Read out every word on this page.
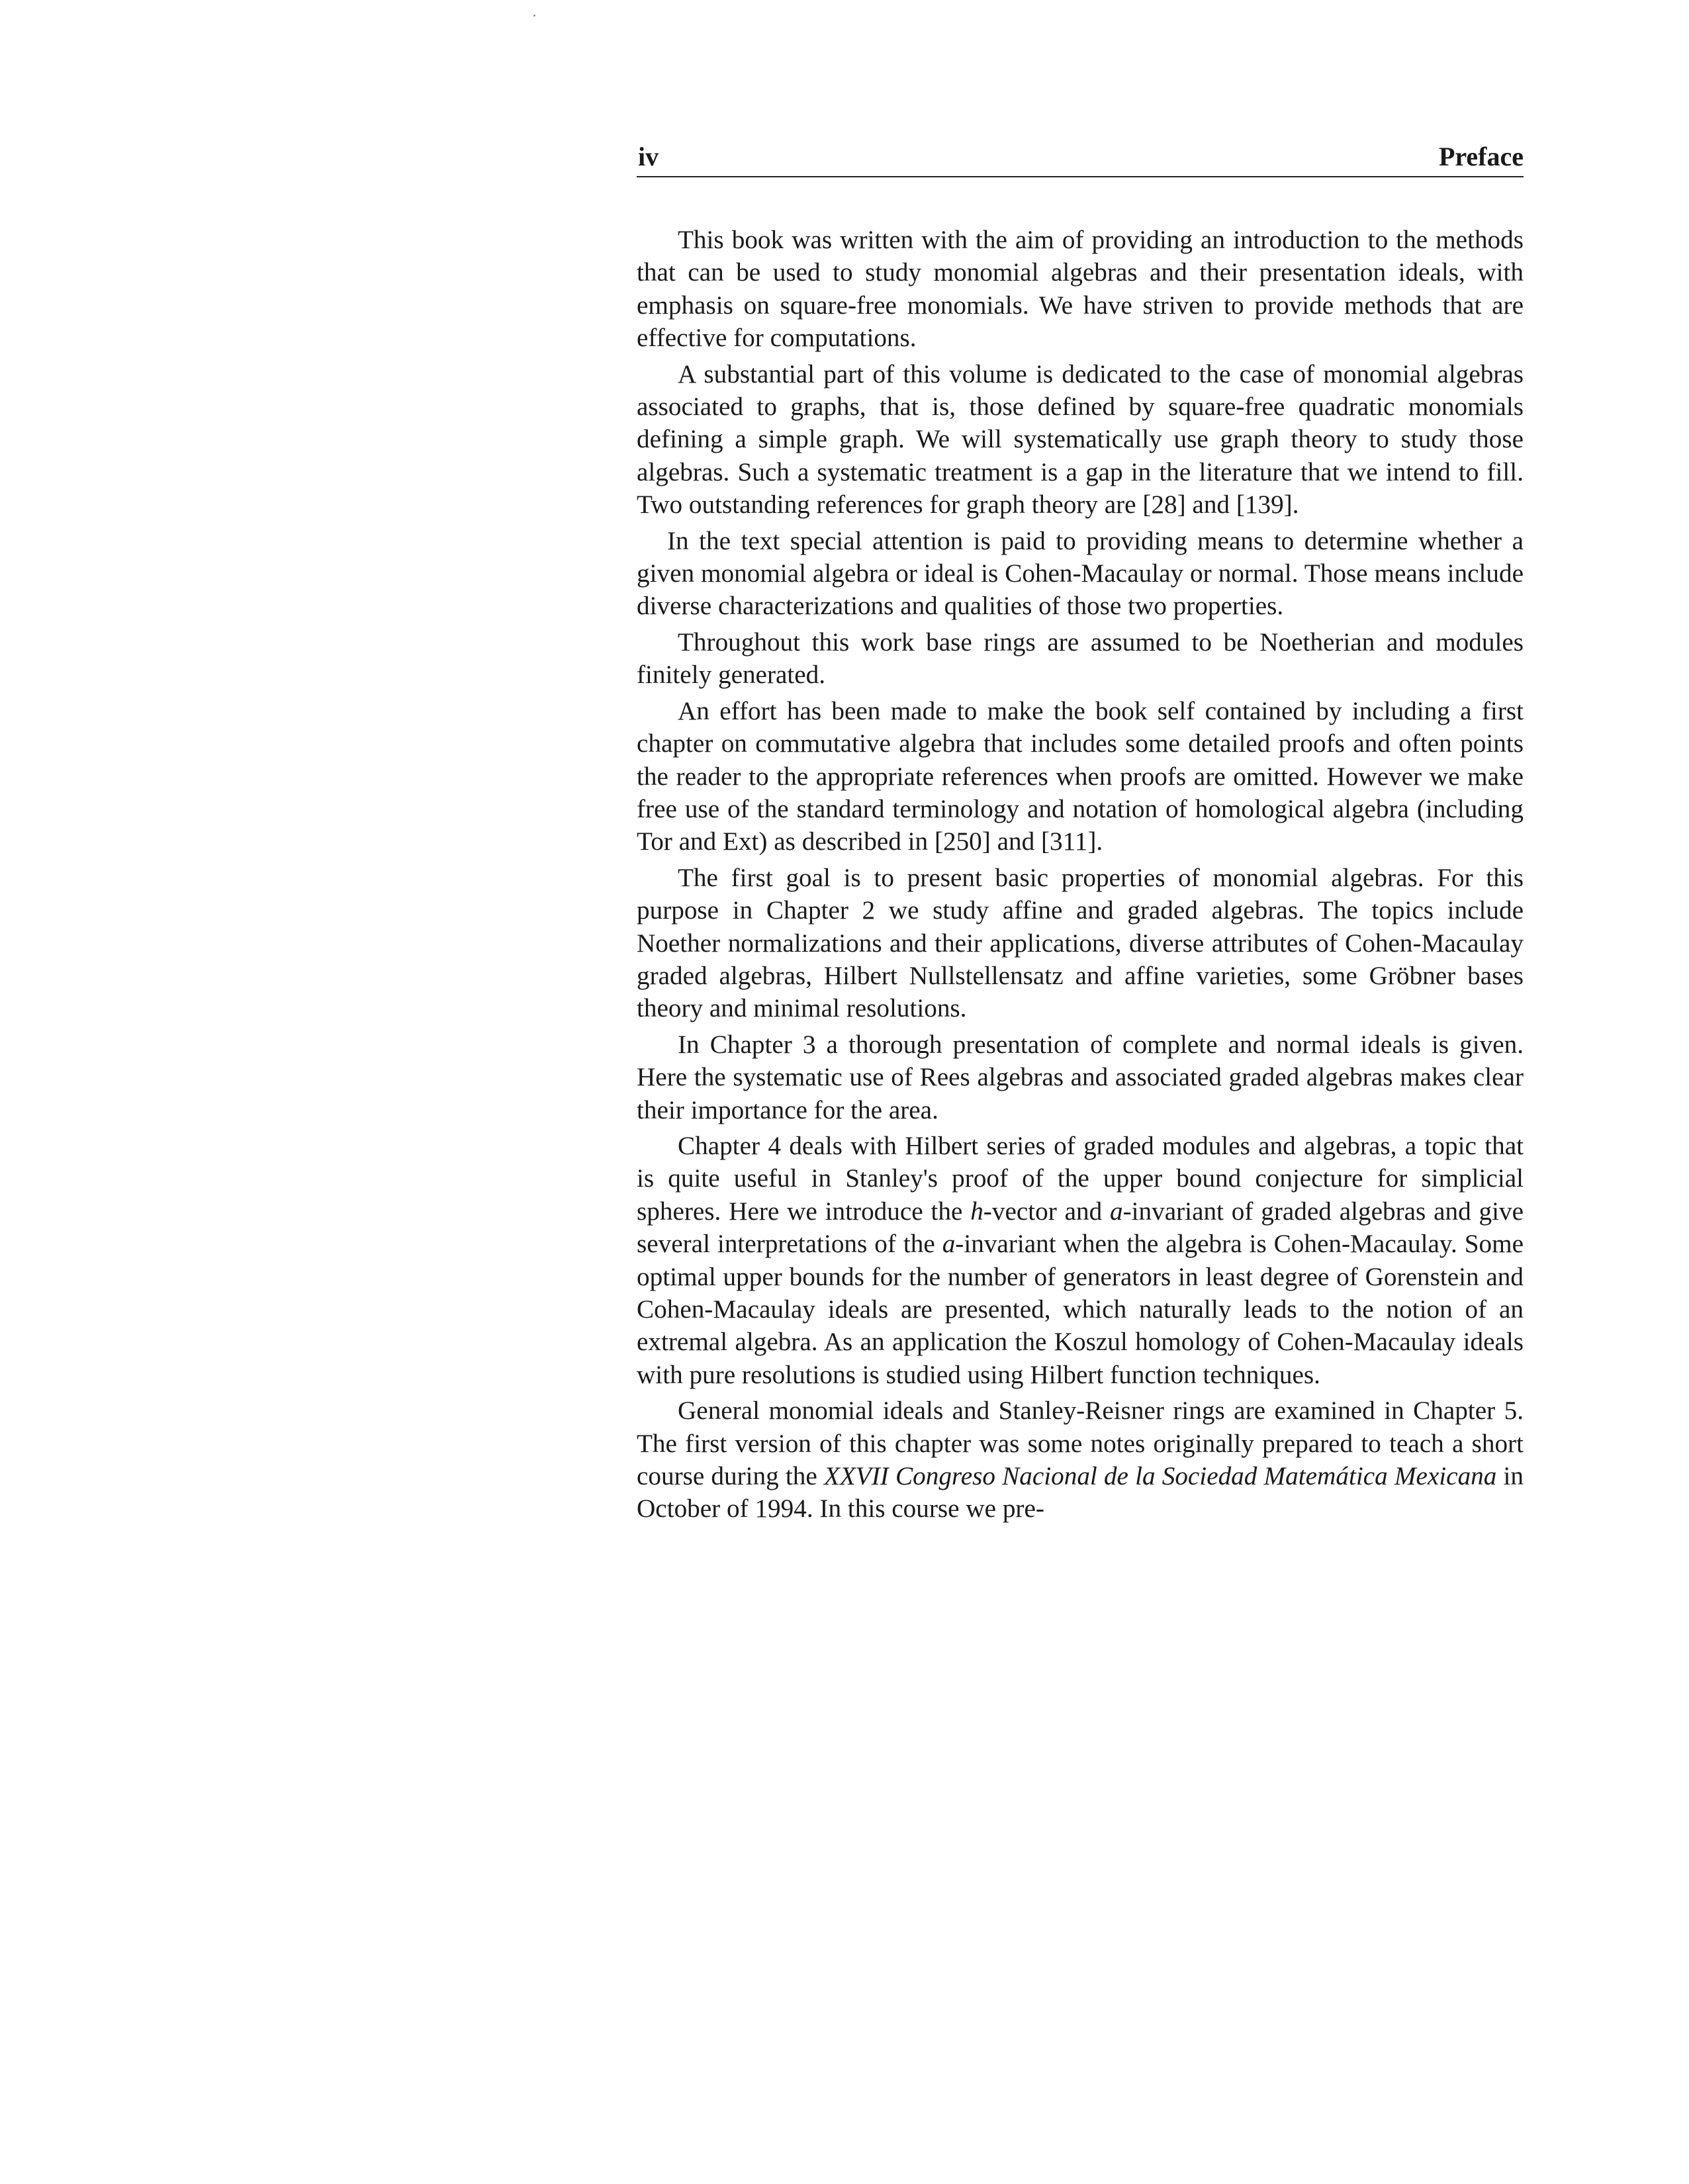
iv	Preface

This book was written with the aim of providing an introduction to the methods that can be used to study monomial algebras and their presentation ideals, with emphasis on square-free monomials. We have striven to provide methods that are effective for computations.

A substantial part of this volume is dedicated to the case of monomial algebras associated to graphs, that is, those defined by square-free quadratic monomials defining a simple graph. We will systematically use graph theory to study those algebras. Such a systematic treatment is a gap in the literature that we intend to fill. Two outstanding references for graph theory are [28] and [139].

In the text special attention is paid to providing means to determine whether a given monomial algebra or ideal is Cohen-Macaulay or normal. Those means include diverse characterizations and qualities of those two properties.

Throughout this work base rings are assumed to be Noetherian and modules finitely generated.

An effort has been made to make the book self contained by including a first chapter on commutative algebra that includes some detailed proofs and often points the reader to the appropriate references when proofs are omitted. However we make free use of the standard terminology and notation of homological algebra (including Tor and Ext) as described in [250] and [311].

The first goal is to present basic properties of monomial algebras. For this purpose in Chapter 2 we study affine and graded algebras. The topics include Noether normalizations and their applications, diverse attributes of Cohen-Macaulay graded algebras, Hilbert Nullstellensatz and affine varieties, some Gröbner bases theory and minimal resolutions.

In Chapter 3 a thorough presentation of complete and normal ideals is given. Here the systematic use of Rees algebras and associated graded algebras makes clear their importance for the area.

Chapter 4 deals with Hilbert series of graded modules and algebras, a topic that is quite useful in Stanley's proof of the upper bound conjecture for simplicial spheres. Here we introduce the h-vector and a-invariant of graded algebras and give several interpretations of the a-invariant when the algebra is Cohen-Macaulay. Some optimal upper bounds for the number of generators in least degree of Gorenstein and Cohen-Macaulay ideals are presented, which naturally leads to the notion of an extremal algebra. As an application the Koszul homology of Cohen-Macaulay ideals with pure resolutions is studied using Hilbert function techniques.

General monomial ideals and Stanley-Reisner rings are examined in Chapter 5. The first version of this chapter was some notes originally prepared to teach a short course during the XXVII Congreso Nacional de la Sociedad Matemática Mexicana in October of 1994. In this course we pre-
